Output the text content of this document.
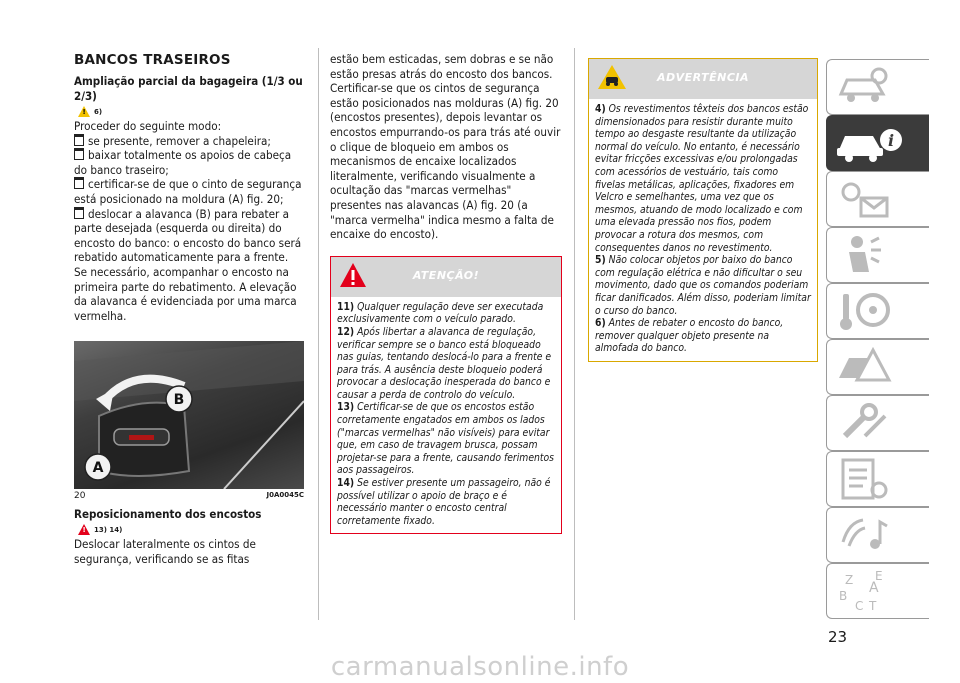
BANCOS TRASEIROS
Ampliação parcial da bagageira (1/3 ou 2/3)
! 6)

Proceder do seguinte modo:

se presente, remover a chapeleira;
baixar totalmente os apoios de cabeça do banco traseiro;
certificar-se de que o cinto de segurança está posicionado na moldura (A) fig. 20;
deslocar a alavanca (B) para rebater a parte desejada (esquerda ou direita) do encosto do banco: o encosto do banco será rebatido automaticamente para a frente. Se necessário, acompanhar o encosto na primeira parte do rebatimento. A elevação da alavanca é evidenciada por uma marca vermelha.
B
A
20	J0A0045C
Reposicionamento dos encostos
! 13) 14)

Deslocar lateralmente os cintos de segurança, verificando se as fitas

estão bem esticadas, sem dobras e se não estão presas atrás do encosto dos bancos.

Certificar-se que os cintos de segurança estão posicionados nas molduras (A) fig. 20 (encostos presentes), depois levantar os encostos empurrando-os para trás até ouvir o clique de bloqueio em ambos os mecanismos de encaixe localizados literalmente, verificando visualmente a ocultação das "marcas vermelhas" presentes nas alavancas (A) fig. 20 (a "marca vermelha" indica mesmo a falta de encaixe do encosto).

ATENÇÃO!
11) Qualquer regulação deve ser executada exclusivamente com o veículo parado.
12) Após libertar a alavanca de regulação, verificar sempre se o banco está bloqueado nas guias, tentando deslocá-lo para a frente e para trás. A ausência deste bloqueio poderá provocar a deslocação inesperada do banco e causar a perda de controlo do veículo.
13) Certificar-se de que os encostos estão corretamente engatados em ambos os lados ("marcas vermelhas" não visíveis) para evitar que, em caso de travagem brusca, possam projetar-se para a frente, causando ferimentos aos passageiros.
14) Se estiver presente um passageiro, não é possível utilizar o apoio de braço e é necessário manter o encosto central corretamente fixado.
ADVERTÊNCIA
4) Os revestimentos têxteis dos bancos estão dimensionados para resistir durante muito tempo ao desgaste resultante da utilização normal do veículo. No entanto, é necessário evitar fricções excessivas e/ou prolongadas com acessórios de vestuário, tais como fivelas metálicas, aplicações, fixadores em Velcro e semelhantes, uma vez que os mesmos, atuando de modo localizado e com uma elevada pressão nos fios, podem provocar a rotura dos mesmos, com consequentes danos no revestimento.
5) Não colocar objetos por baixo do banco com regulação elétrica e não dificultar o seu movimento, dado que os comandos poderiam ficar danificados. Além disso, poderiam limitar o curso do banco.
6) Antes de rebater o encosto do banco, remover qualquer objeto presente na almofada do banco.
i
Z E
A
B
C T
23
carmanualsonline.info
